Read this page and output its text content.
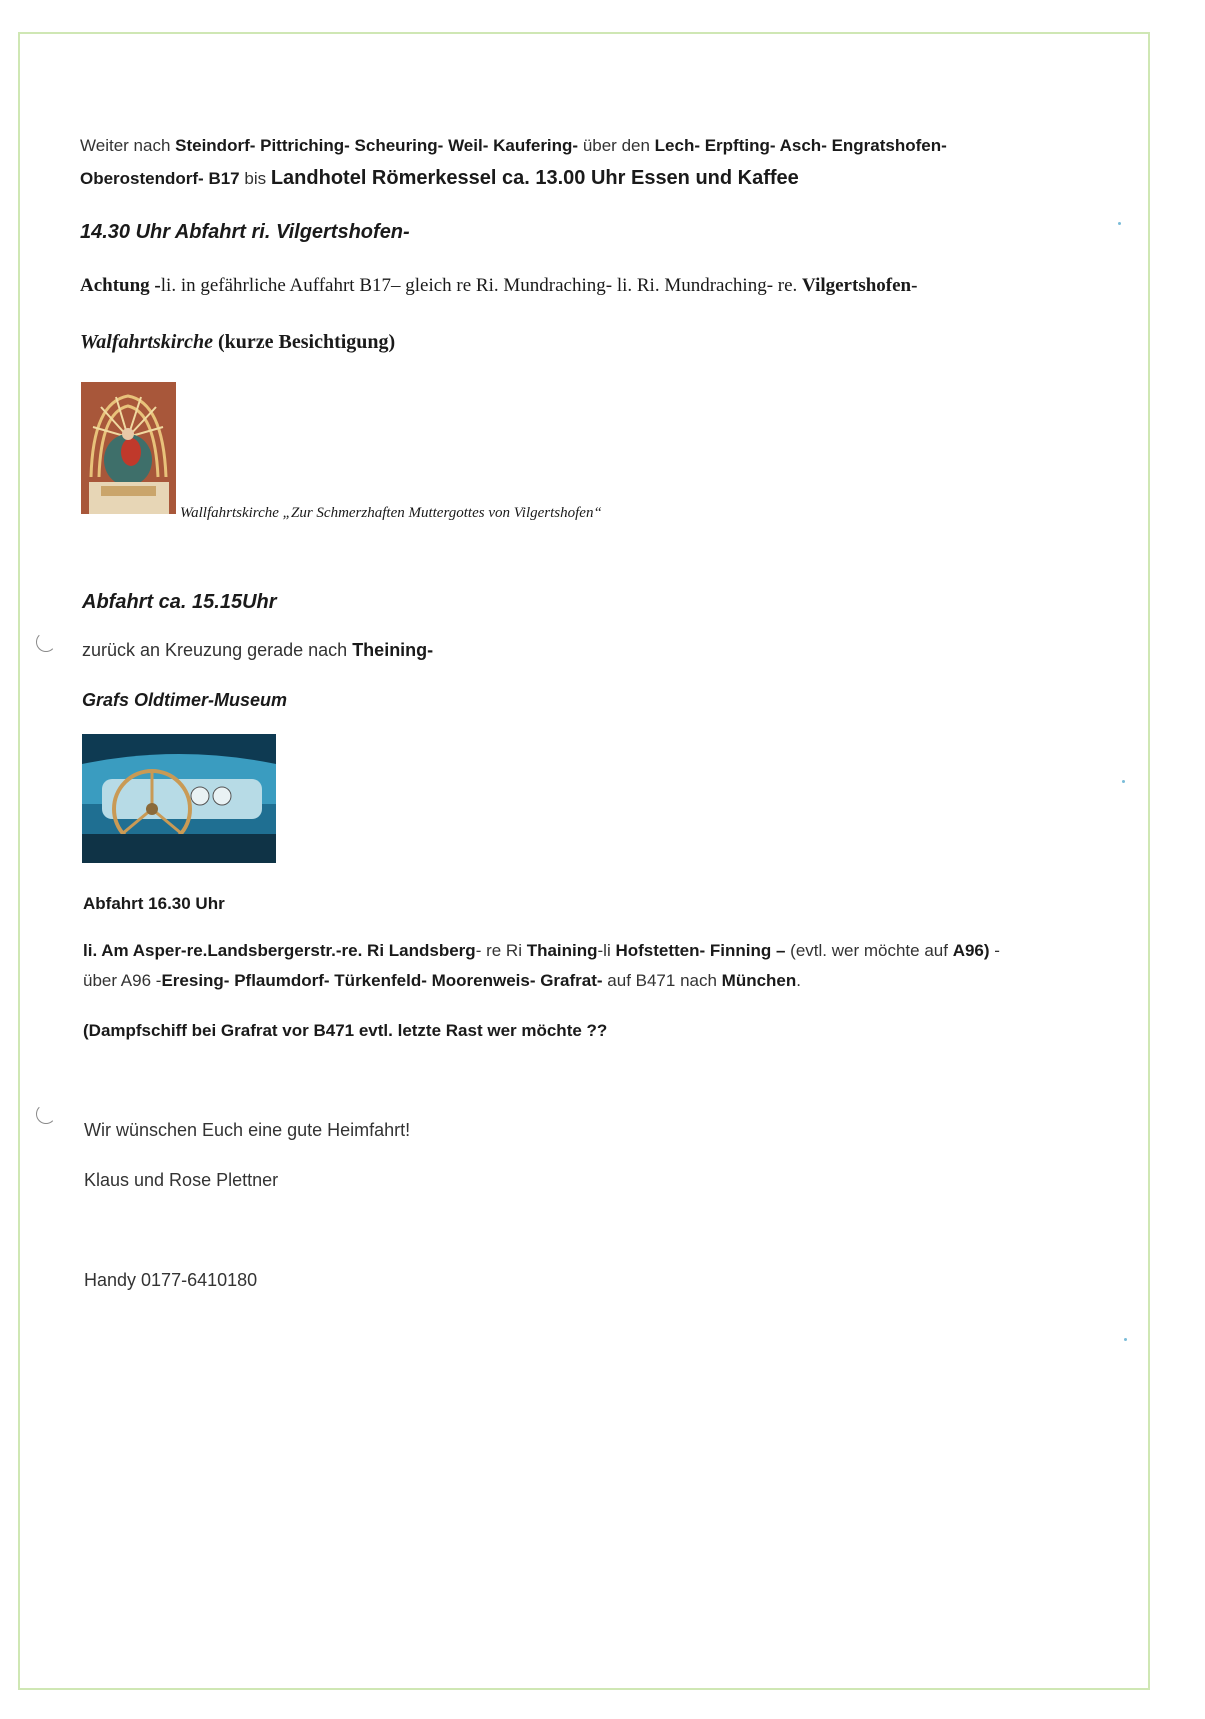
Weiter nach Steindorf- Pittriching- Scheuring- Weil- Kaufering- über den Lech- Erpfting- Asch- Engratshofen-
Oberostendorf- B17 bis Landhotel Römerkessel ca. 13.00 Uhr Essen und Kaffee
14.30 Uhr Abfahrt ri. Vilgertshofen-
Achtung -li. in gefährliche Auffahrt B17– gleich re Ri. Mundraching- li. Ri. Mundraching- re. Vilgertshofen-
Walfahrtskirche (kurze Besichtigung)
Wallfahrtskirche „Zur Schmerzhaften Muttergottes von Vilgertshofen“
Abfahrt ca. 15.15Uhr
zurück an Kreuzung gerade nach Theining-
Grafs Oldtimer-Museum
Abfahrt 16.30 Uhr
li. Am Asper-re.Landsbergerstr.-re. Ri Landsberg- re Ri Thaining-li Hofstetten- Finning – (evtl. wer möchte auf A96) -
über A96 -Eresing- Pflaumdorf- Türkenfeld- Moorenweis- Grafrat- auf B471 nach München.
(Dampfschiff bei Grafrat vor B471 evtl. letzte Rast wer möchte ??
Wir wünschen Euch eine gute Heimfahrt!
Klaus und Rose Plettner
Handy 0177-6410180
